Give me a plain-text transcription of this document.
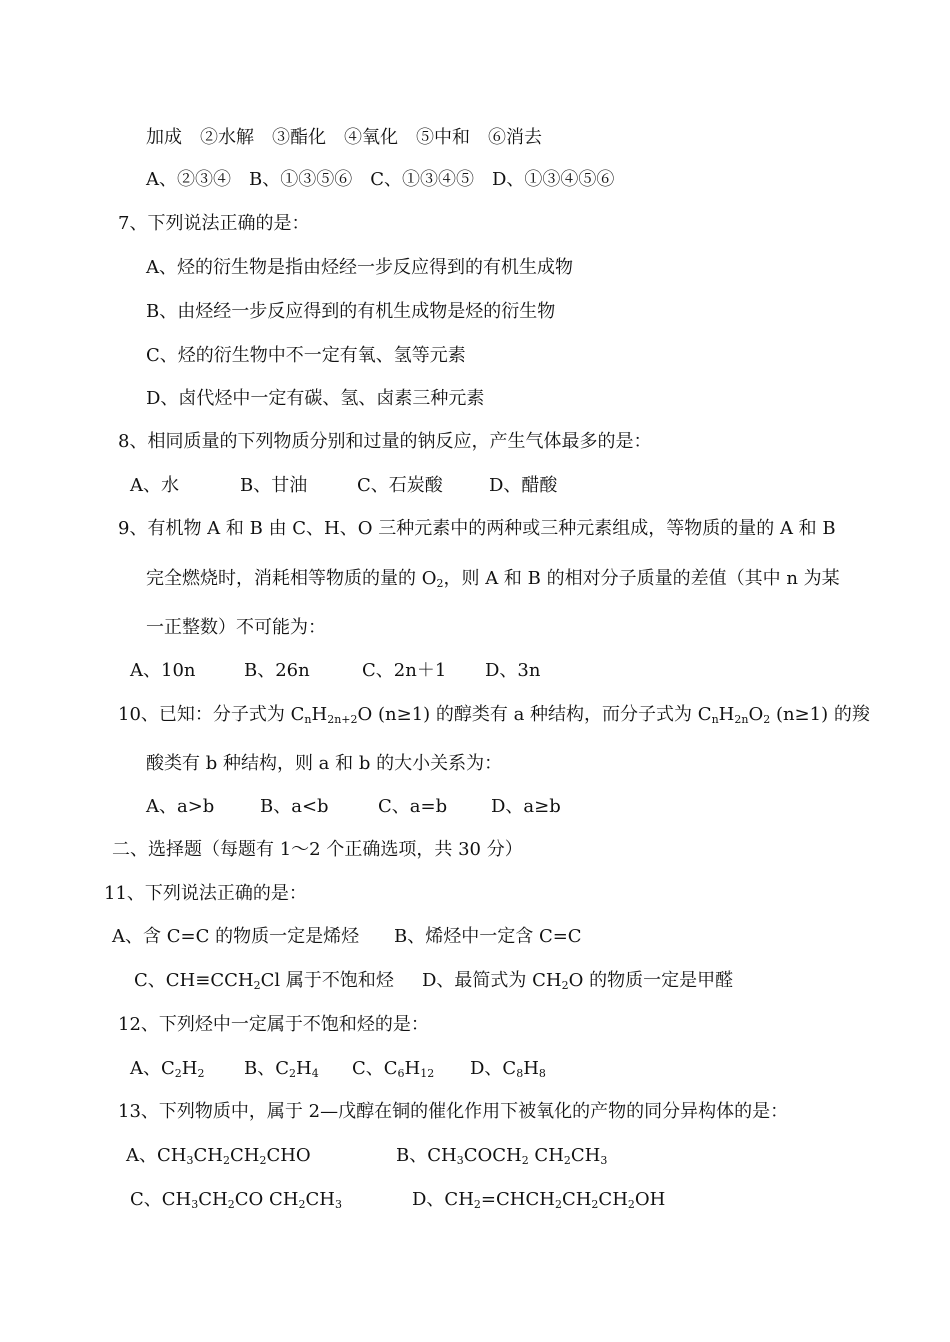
加成　②水解　③酯化　④氧化　⑤中和　⑥消去
A、②③④　B、①③⑤⑥　C、①③④⑤　D、①③④⑤⑥
7、下列说法正确的是：
A、烃的衍生物是指由烃经一步反应得到的有机生成物
B、由烃经一步反应得到的有机生成物是烃的衍生物
C、烃的衍生物中不一定有氧、氢等元素
D、卤代烃中一定有碳、氢、卤素三种元素
8、相同质量的下列物质分别和过量的钠反应，产生气体最多的是：
A、水	B、甘油	C、石炭酸	D、醋酸
9、有机物 A 和 B 由 C、H、O 三种元素中的两种或三种元素组成，等物质的量的 A 和 B
完全燃烧时，消耗相等物质的量的 $O_2$，则 A 和 B 的相对分子质量的差值（其中 n 为某
一正整数）不可能为：
A、10n	B、26n	C、2n＋1 D、3n
10、已知：分子式为 $C_nH_{2n+2}O$ (n≥1) 的醇类有 a 种结构，而分子式为 $C_nH_{2n}O_2$ (n≥1) 的羧
酸类有 b 种结构，则 a 和 b 的大小关系为：
A、a>b	B、a<b	C、a=b D、a≥b
二、选择题（每题有 1～2 个正确选项，共 30 分）
11、下列说法正确的是：
A、含 C=C 的物质一定是烯烃 B、烯烃中一定含 C=C
C、$CH\equiv CCH_2Cl$ 属于不饱和烃 D、最简式为 $CH_2O$ 的物质一定是甲醛
12、下列烃中一定属于不饱和烃的是：
A、$C_2H_2$ B、$C_2H_4$ C、$C_6H_{12}$ D、$C_8H_8$
13、下列物质中，属于 2—戊醇在铜的催化作用下被氧化的产物的同分异构体的是：
A、$CH_3CH_2CH_2CHO$	B、$CH_3COCH_2$ $CH_2CH_3$
C、$CH_3CH_2CO$ $CH_2CH_3$	D、$CH_2=CHCH_2CH_2CH_2OH$
